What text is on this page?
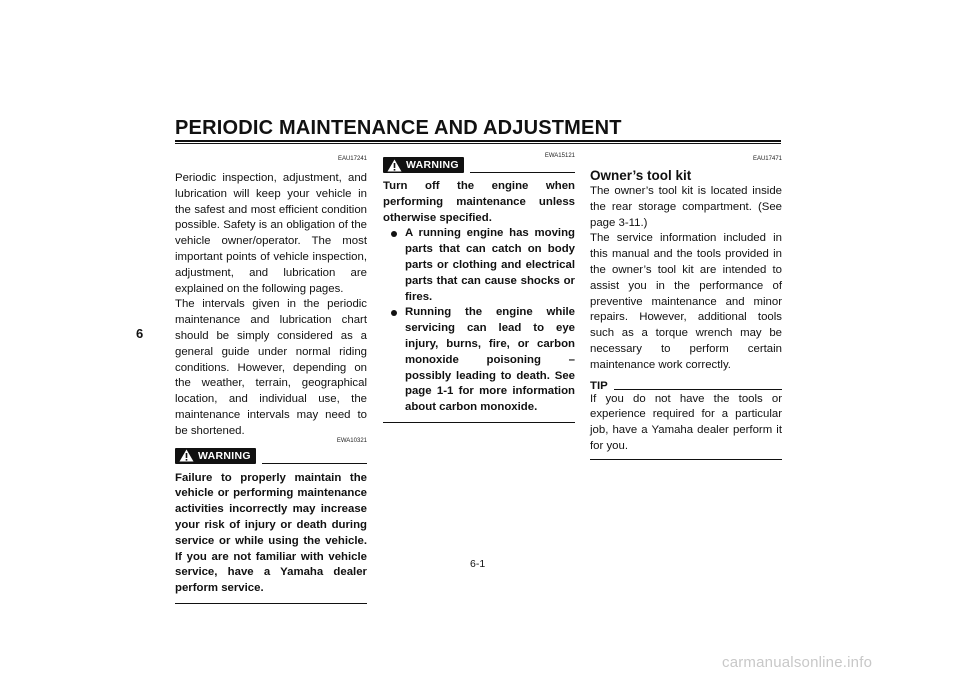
PERIODIC MAINTENANCE AND ADJUSTMENT
6

EAU17241

Periodic inspection, adjustment, and lubrication will keep your vehicle in the safest and most efficient condition possible. Safety is an obligation of the vehicle owner/operator. The most important points of vehicle inspection, adjustment, and lubrication are explained on the following pages.

The intervals given in the periodic maintenance and lubrication chart should be simply considered as a general guide under normal riding conditions. However, depending on the weather, terrain, geographical location, and individual use, the maintenance intervals may need to be shortened.

WARNING
EWA10321

Failure to properly maintain the vehicle or performing maintenance activities incorrectly may increase your risk of injury or death during service or while using the vehicle. If you are not familiar with vehicle service, have a Yamaha dealer perform service.

WARNING
EWA15121

Turn off the engine when performing maintenance unless otherwise specified.

A running engine has moving parts that can catch on body parts or clothing and electrical parts that can cause shocks or fires.
Running the engine while servicing can lead to eye injury, burns, fire, or carbon monoxide poisoning – possibly leading to death. See page 1-1 for more information about carbon monoxide.

EAU17471

Owner’s tool kit

The owner’s tool kit is located inside the rear storage compartment. (See page 3-11.)

The service information included in this manual and the tools provided in the owner’s tool kit are intended to assist you in the performance of preventive maintenance and minor repairs. However, additional tools such as a torque wrench may be necessary to perform certain maintenance work correctly.

TIP

If you do not have the tools or experience required for a particular job, have a Yamaha dealer perform it for you.

6-1
carmanualsonline.info
